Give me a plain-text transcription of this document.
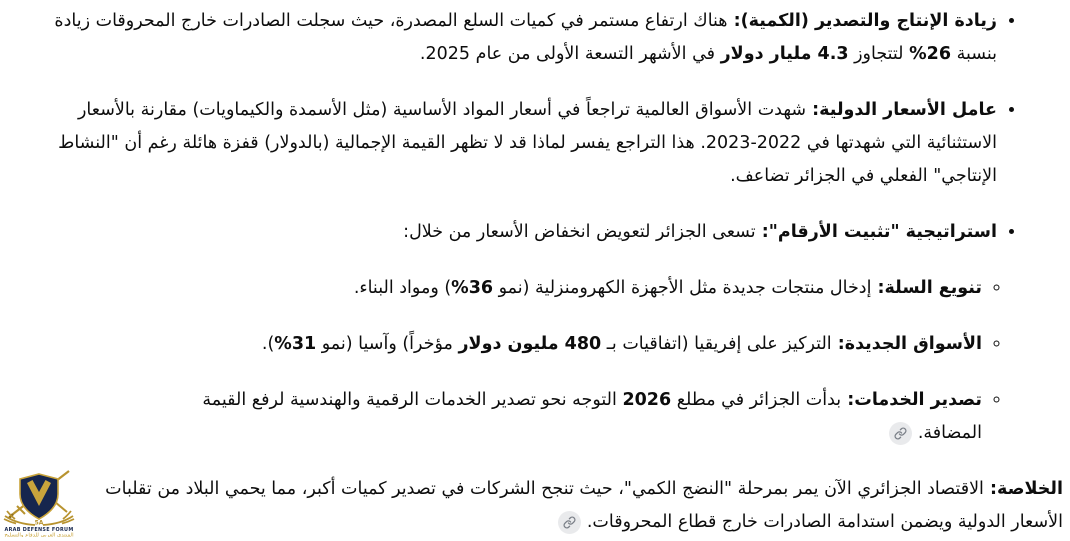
• زيادة الإنتاج والتصدير (الكمية): هناك ارتفاع مستمر في كميات السلع المصدرة، حيث سجلت الصادرات خارج المحروقات زيادة بنسبة 26% لتتجاوز 4.3 مليار دولار في الأشهر التسعة الأولى من عام 2025.

• عامل الأسعار الدولية: شهدت الأسواق العالمية تراجعاً في أسعار المواد الأساسية (مثل الأسمدة والكيماويات) مقارنة بالأسعار الاستثنائية التي شهدتها في 2022-2023. هذا التراجع يفسر لماذا قد لا تظهر القيمة الإجمالية (بالدولار) قفزة هائلة رغم أن "النشاط الإنتاجي" الفعلي في الجزائر تضاعف.

• استراتيجية "تثبيت الأرقام": تسعى الجزائر لتعويض انخفاض الأسعار من خلال:

◦ تنويع السلة: إدخال منتجات جديدة مثل الأجهزة الكهرومنزلية (نمو 36%) ومواد البناء.

◦ الأسواق الجديدة: التركيز على إفريقيا (اتفاقيات بـ 480 مليون دولار مؤخراً) وآسيا (نمو 31%).

◦ تصدير الخدمات: بدأت الجزائر في مطلع 2026 التوجه نحو تصدير الخدمات الرقمية والهندسية لرفع القيمة المضافة.

الخلاصة: الاقتصاد الجزائري الآن يمر بمرحلة "النضج الكمي"، حيث تنجح الشركات في تصدير كميات أكبر، مما يحمي البلاد من تقلبات الأسعار الدولية ويضمن استدامة الصادرات خارج قطاع المحروقات.

5A
ARAB DEFENSE FORUM
المنتدى العربي للدفاع والتسليح
